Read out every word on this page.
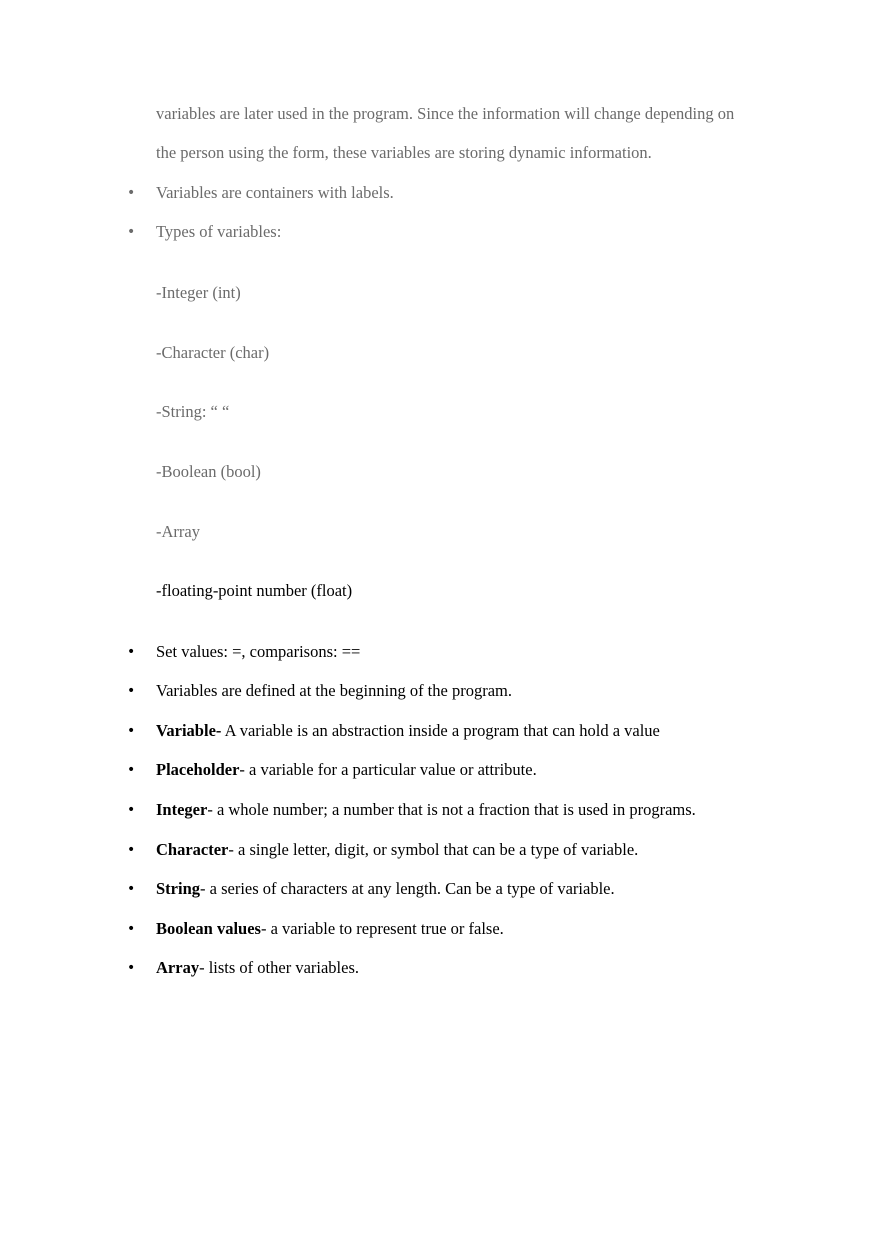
variables are later used in the program. Since the information will change depending on
the person using the form, these variables are storing dynamic information.
• Variables are containers with labels.
• Types of variables:
-Integer (int)
-Character (char)
-String: “ “
-Boolean (bool)
-Array
-floating-point number (float)
• Set values: =, comparisons: ==
• Variables are defined at the beginning of the program.
• Variable- A variable is an abstraction inside a program that can hold a value
• Placeholder- a variable for a particular value or attribute.
• Integer- a whole number; a number that is not a fraction that is used in programs.
• Character- a single letter, digit, or symbol that can be a type of variable.
• String- a series of characters at any length. Can be a type of variable.
• Boolean values- a variable to represent true or false.
• Array- lists of other variables.
